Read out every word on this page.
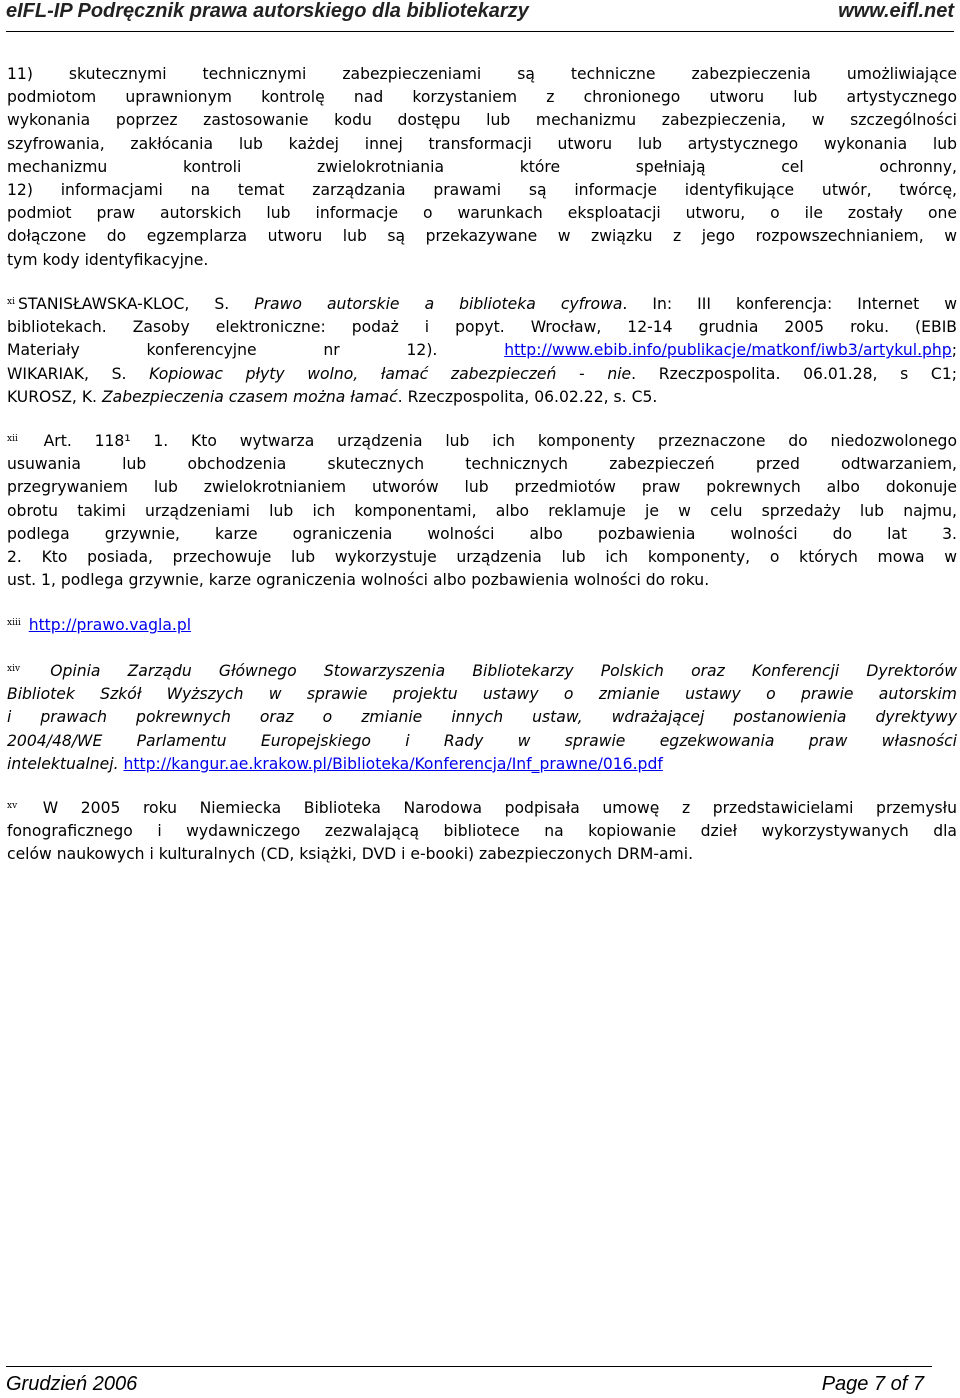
eIFL-IP Podręcznik prawa autorskiego dla bibliotekarzy	www.eifl.net
11) skutecznymi technicznymi zabezpieczeniami są techniczne zabezpieczenia umożliwiające
podmiotom uprawnionym kontrolę nad korzystaniem z chronionego utworu lub artystycznego
wykonania poprzez zastosowanie kodu dostępu lub mechanizmu zabezpieczenia, w szczególności
szyfrowania, zakłócania lub każdej innej transformacji utworu lub artystycznego wykonania lub
mechanizmu kontroli zwielokrotniania które spełniają cel ochronny,
12) informacjami na temat zarządzania prawami są informacje identyfikujące utwór, twórcę,
podmiot praw autorskich lub informacje o warunkach eksploatacji utworu, o ile zostały one
dołączone do egzemplarza utworu lub są przekazywane w związku z jego rozpowszechnianiem, w
tym kody identyfikacyjne.
$^{xi}$ STANISŁAWSKA-KLOC, S. Prawo autorskie a biblioteka cyfrowa. In: III konferencja: Internet w
bibliotekach. Zasoby elektroniczne: podaż i popyt. Wrocław, 12-14 grudnia 2005 roku. (EBIB
Materiały konferencyjne nr 12).	http://www.ebib.info/publikacje/matkonf/iwb3/artykul.php;
WIKARIAK, S. Kopiowac płyty wolno, łamać zabezpieczeń - nie. Rzeczpospolita. 06.01.28, s C1;
KUROSZ, K. Zabezpieczenia czasem można łamać. Rzeczpospolita, 06.02.22, s. C5.
$^{xii}$ Art. 118¹ 1. Kto wytwarza urządzenia lub ich komponenty przeznaczone do niedozwolonego
usuwania lub obchodzenia skutecznych technicznych zabezpieczeń przed odtwarzaniem,
przegrywaniem lub zwielokrotnianiem utworów lub przedmiotów praw pokrewnych albo dokonuje
obrotu takimi urządzeniami lub ich komponentami, albo reklamuje je w celu sprzedaży lub najmu,
podlega grzywnie, karze ograniczenia wolności albo pozbawienia wolności do lat 3.
2. Kto posiada, przechowuje lub wykorzystuje urządzenia lub ich komponenty, o których mowa w
ust. 1, podlega grzywnie, karze ograniczenia wolności albo pozbawienia wolności do roku.
$^{xiii}$ http://prawo.vagla.pl
$^{xiv}$ Opinia Zarządu Głównego Stowarzyszenia Bibliotekarzy Polskich oraz Konferencji Dyrektorów
Bibliotek Szkół Wyższych w sprawie projektu ustawy o zmianie ustawy o prawie autorskim
i prawach pokrewnych oraz o zmianie innych ustaw, wdrażającej postanowienia dyrektywy
2004/48/WE Parlamentu Europejskiego i Rady w sprawie egzekwowania praw własności
intelektualnej. http://kangur.ae.krakow.pl/Biblioteka/Konferencja/Inf_prawne/016.pdf
$^{xv}$ W 2005 roku Niemiecka Biblioteka Narodowa podpisała umowę z przedstawicielami przemysłu
fonograficznego i wydawniczego zezwalającą bibliotece na kopiowanie dzieł wykorzystywanych dla
celów naukowych i kulturalnych (CD, książki, DVD i e-booki) zabezpieczonych DRM-ami.
Grudzień 2006	Page 7 of 7
